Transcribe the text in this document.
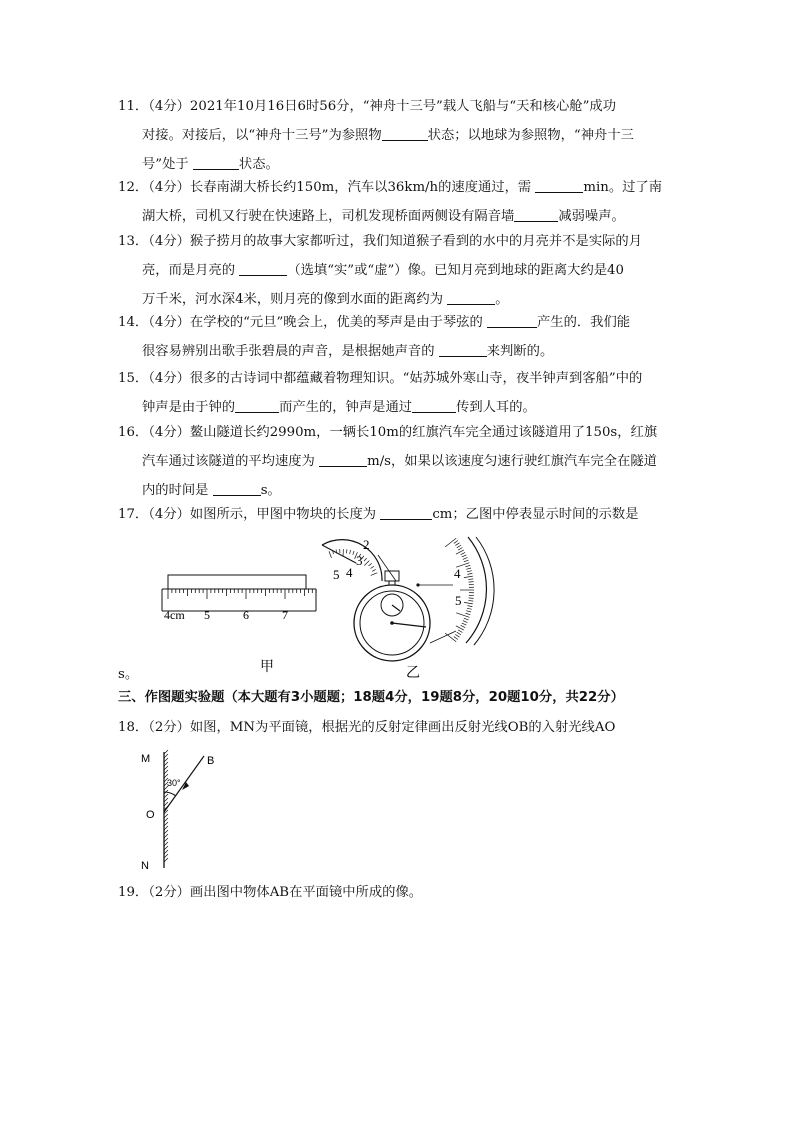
11．（4分）2021年10月16日6时56分，“神舟十三号”载人飞船与“天和核心舱”成功
对接。对接后，以“神舟十三号”为参照物	状态；以地球为参照物，“神舟十三
号”处于	状态。
12．（4分）长春南湖大桥长约150m，汽车以36km/h的速度通过，需	min。过了南
湖大桥，司机又行驶在快速路上，司机发现桥面两侧设有隔音墙	减弱噪声。
13．（4分）猴子捞月的故事大家都听过，我们知道猴子看到的水中的月亮并不是实际的月
亮，而是月亮的	（选填“实”或“虚”）像。已知月亮到地球的距离大约是40
万千米，河水深4米，则月亮的像到水面的距离约为	。
14．（4分）在学校的“元旦”晚会上，优美的琴声是由于琴弦的	产生的．我们能
很容易辨别出歌手张碧晨的声音，是根据她声音的	来判断的。
15．（4分）很多的古诗词中都蕴藏着物理知识。“姑苏城外寒山寺，夜半钟声到客船”中的
钟声是由于钟的	而产生的，钟声是通过	传到人耳的。
16．（4分）鳌山隧道长约2990m，一辆长10m的红旗汽车完全通过该隧道用了150s，红旗
汽车通过该隧道的平均速度为	m/s，如果以该速度匀速行驶红旗汽车完全在隧道
内的时间是	s。
17．（4分）如图所示，甲图中物块的长度为	cm；乙图中停表显示时间的示数是
4cm 5	6	7
甲
2
3
4
5	4
5
乙
s。
三、作图题实验题（本大题有3小题题；18题4分，19题8分，20题10分，共22分）
18．（2分）如图，MN为平面镜，根据光的反射定律画出反射光线OB的入射光线AO
M
N
O
B
30°
19．（2分）画出图中物体AB在平面镜中所成的像。
